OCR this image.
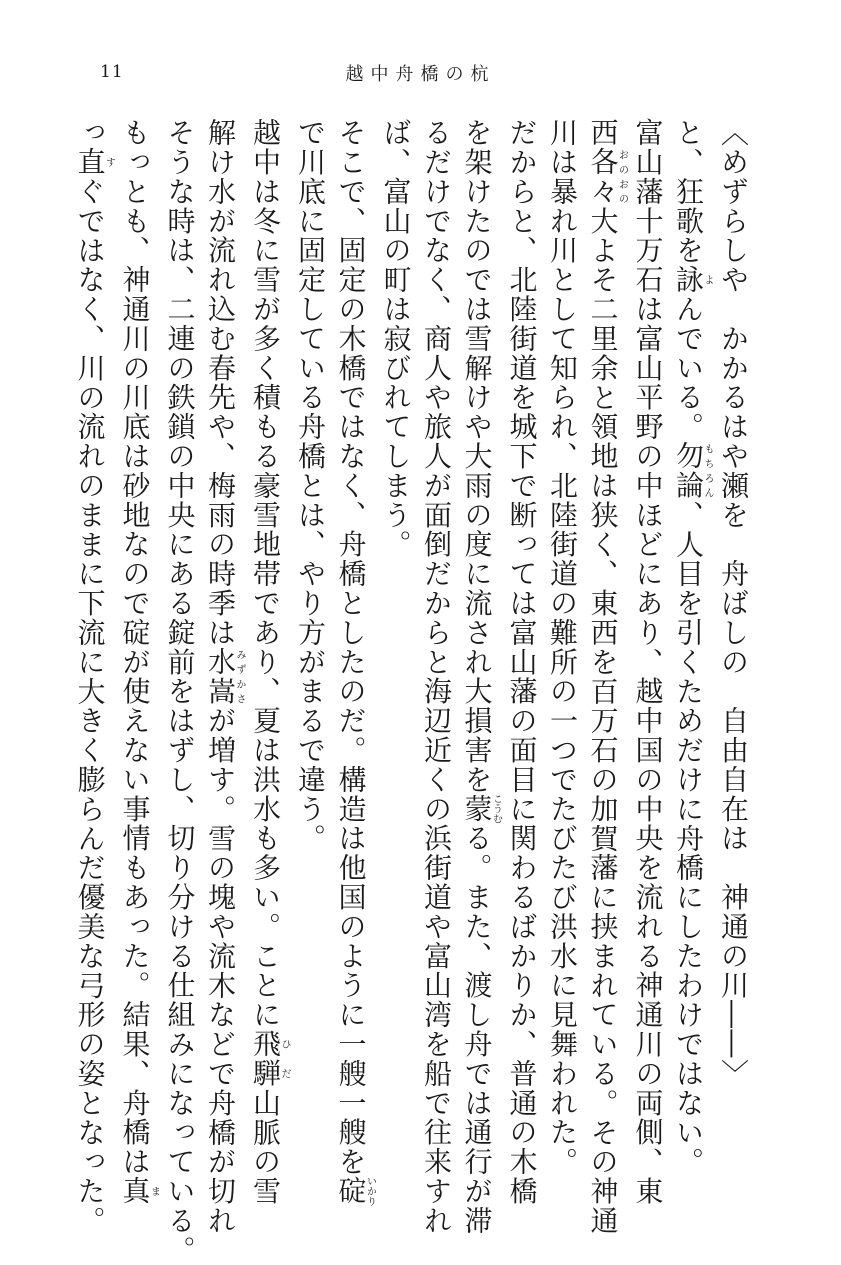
11	越中舟橋の杭
〈めずらしや　かかるはや瀬を　舟ばしの　自由自在は　神通の川――〉
と、狂歌を詠よんでいる。勿論もちろん、人目を引くためだけに舟橋にしたわけではない。
富山藩十万石は富山平野の中ほどにあり、越中国の中央を流れる神通川の両側、東
西各々おのおの大よそ二里余と領地は狭く、東西を百万石の加賀藩に挟まれている。その神通
川は暴れ川として知られ、北陸街道の難所の一つでたびたび洪水に見舞われた。
だからと、北陸街道を城下で断っては富山藩の面目に関わるばかりか、普通の木橋
を架けたのでは雪解けや大雨の度に流され大損害を蒙こうむる。また、渡し舟では通行が滞
るだけでなく、商人や旅人が面倒だからと海辺近くの浜街道や富山湾を船で往来すれ
ば、富山の町は寂びれてしまう。
そこで、固定の木橋ではなく、舟橋としたのだ。構造は他国のように一艘一艘を碇いかり
で川底に固定している舟橋とは、やり方がまるで違う。
越中は冬に雪が多く積もる豪雪地帯であり、夏は洪水も多い。ことに飛騨ひだ山脈の雪
解け水が流れ込む春先や、梅雨の時季は水嵩みずかさが増す。雪の塊や流木などで舟橋が切れ
そうな時は、二連の鉄鎖の中央にある錠前をはずし、切り分ける仕組みになっている。
もっとも、神通川の川底は砂地なので碇が使えない事情もあった。結果、舟橋は真ま
っ直すぐではなく、川の流れのままに下流に大きく膨らんだ優美な弓形の姿となった。
